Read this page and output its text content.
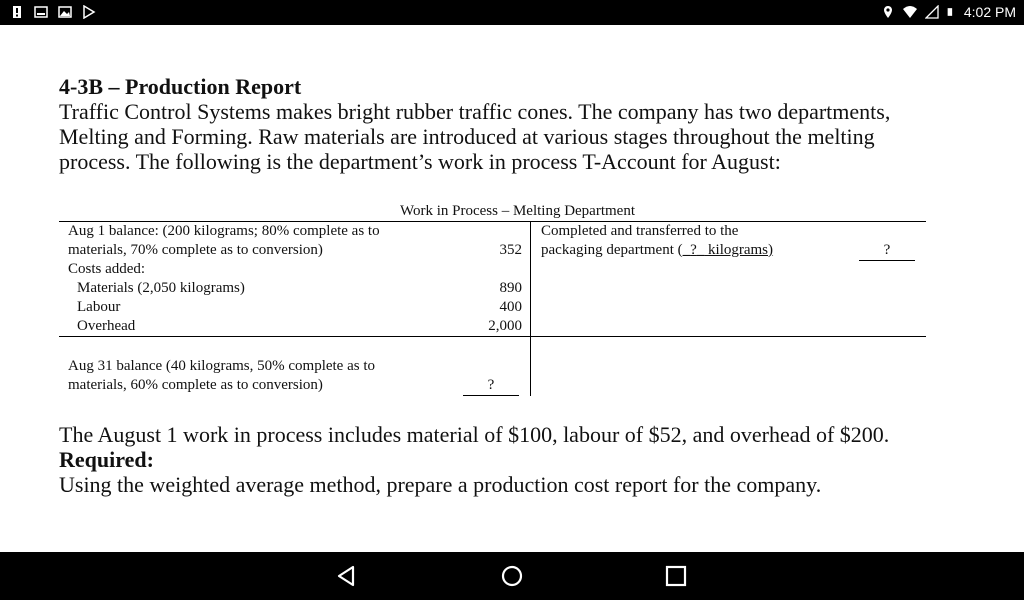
4:02 PM

4-3B – Production Report

Traffic Control Systems makes bright rubber traffic cones. The company has two departments,

Melting and Forming. Raw materials are introduced at various stages throughout the melting

process. The following is the department’s work in process T-Account for August:

Work in Process – Melting Department
Aug 1 balance: (200 kilograms; 80% complete as to
materials, 70% complete as to conversion)	352
Costs added:
Materials (2,050 kilograms)	890
Labour	400
Overhead	2,000
Aug 31 balance (40 kilograms, 50% complete as to
materials, 60% complete as to conversion)	?
Completed and transferred to the
packaging department (_?_ kilograms)	?

The August 1 work in process includes material of $100, labour of $52, and overhead of $200.

Required:

Using the weighted average method, prepare a production cost report for the company.
